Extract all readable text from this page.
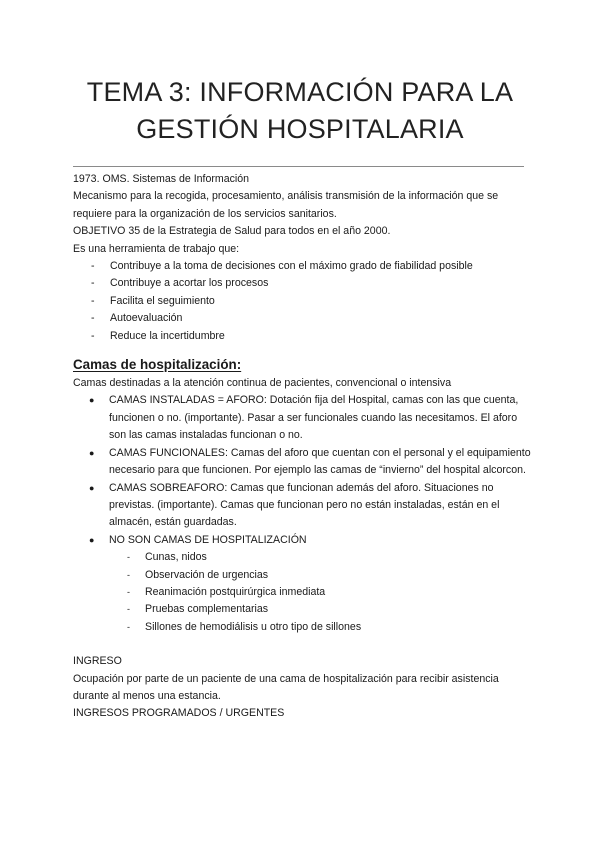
TEMA 3: INFORMACIÓN PARA LA
GESTIÓN HOSPITALARIA

1973. OMS. Sistemas de Información

Mecanismo para la recogida, procesamiento, análisis transmisión de la información que se requiere para la organización de los servicios sanitarios.

OBJETIVO 35 de la Estrategia de Salud para todos en el año 2000.

Es una herramienta de trabajo que:

- Contribuye a la toma de decisiones con el máximo grado de fiabilidad posible
- Contribuye a acortar los procesos
- Facilita el seguimiento
- Autoevaluación
- Reduce la incertidumbre
Camas de hospitalización:

Camas destinadas a la atención continua de pacientes, convencional o intensiva

● CAMAS INSTALADAS = AFORO: Dotación fija del Hospital, camas con las que cuenta, funcionen o no. (importante). Pasar a ser funcionales cuando las necesitamos. El aforo son las camas instaladas funcionan o no.
● CAMAS FUNCIONALES: Camas del aforo que cuentan con el personal y el equipamiento necesario para que funcionen. Por ejemplo las camas de “invierno” del hospital alcorcon.
● CAMAS SOBREAFORO: Camas que funcionan además del aforo. Situaciones no previstas. (importante). Camas que funcionan pero no están instaladas, están en el almacén, están guardadas.
● NO SON CAMAS DE HOSPITALIZACIÓN
- Cunas, nidos
- Observación de urgencias
- Reanimación postquirúrgica inmediata
- Pruebas complementarias
- Sillones de hemodiálisis u otro tipo de sillones

INGRESO

Ocupación por parte de un paciente de una cama de hospitalización para recibir asistencia durante al menos una estancia.

INGRESOS PROGRAMADOS / URGENTES
